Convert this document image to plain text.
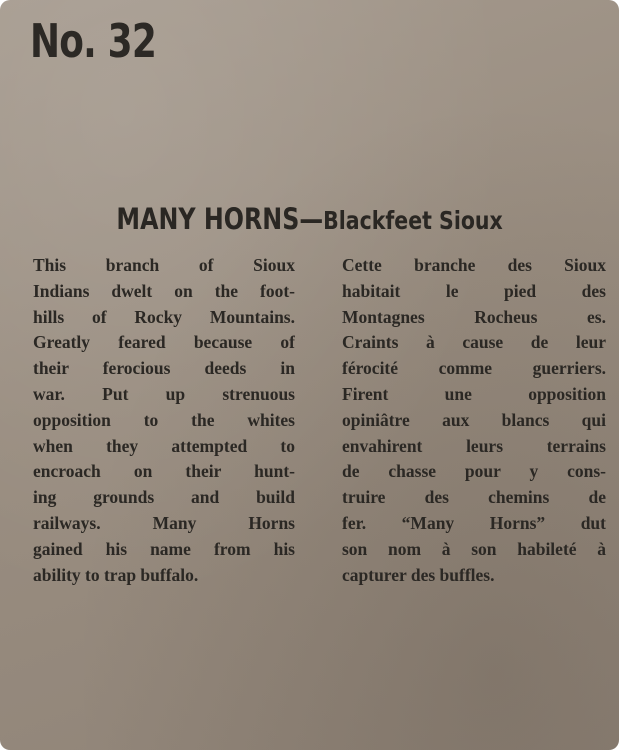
No. 32
MANY HORNS—Blackfeet Sioux
This branch of Sioux
Indians dwelt on the foot-
hills of Rocky Mountains.
Greatly feared because of
their ferocious deeds in
war. Put up strenuous
opposition to the whites
when they attempted to
encroach on their hunt-
ing grounds and build
railways. Many Horns
gained his name from his
ability to trap buffalo.
Cette branche des Sioux
habitait le pied des
Montagnes Rocheus es.
Craints à cause de leur
férocité comme guerriers.
Firent une opposition
opiniâtre aux blancs qui
envahirent leurs terrains
de chasse pour y cons-
truire des chemins de
fer. “Many Horns” dut
son nom à son habileté à
capturer des buffles.
